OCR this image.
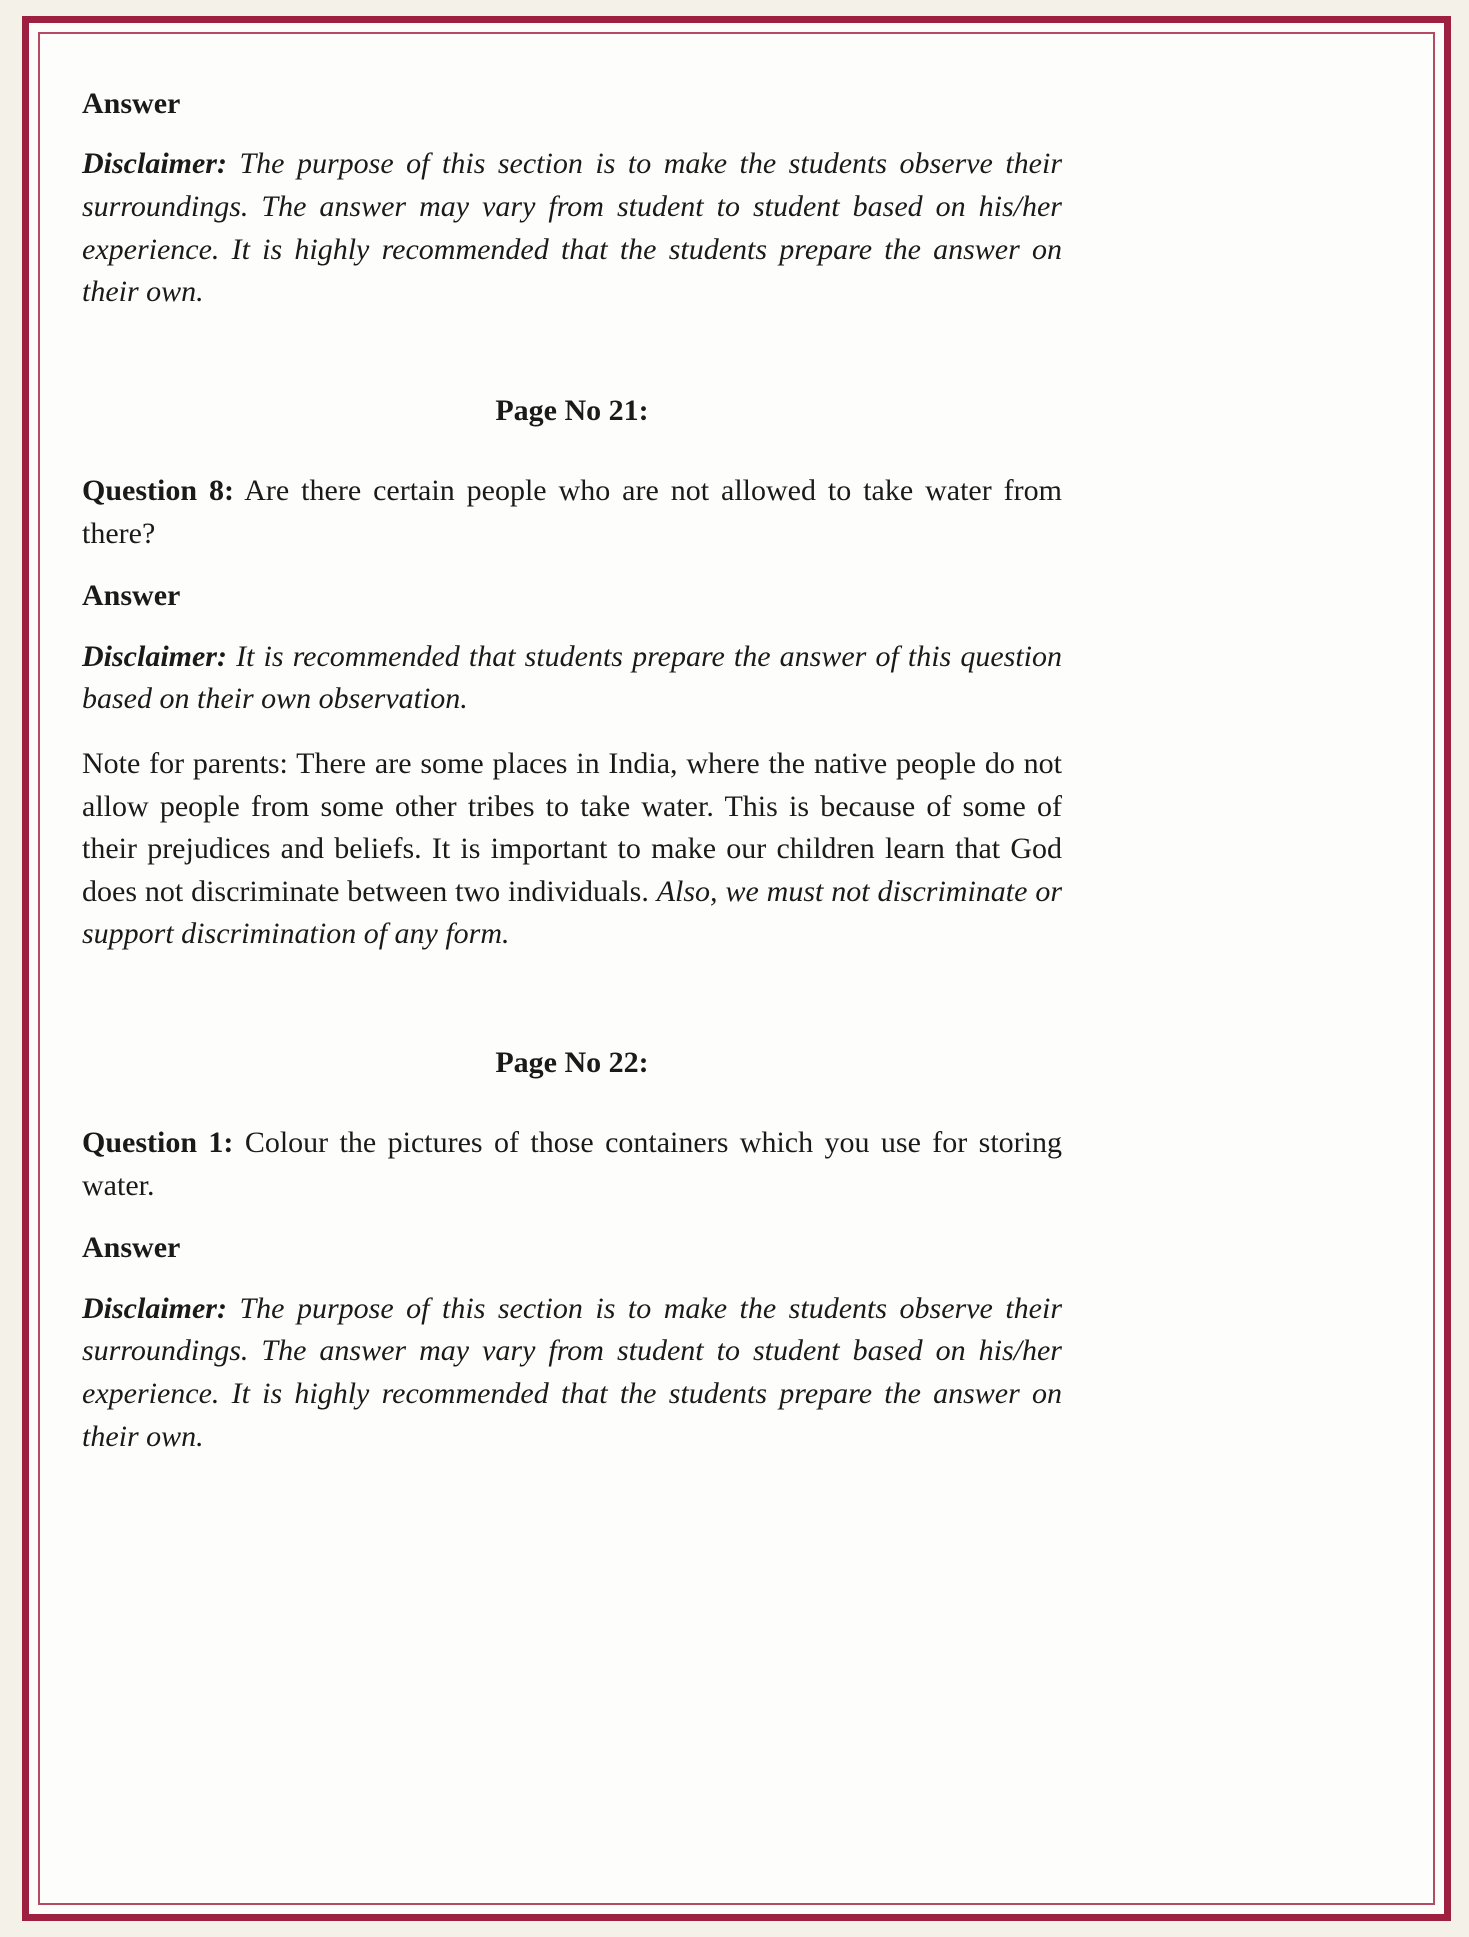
Answer

Disclaimer: The purpose of this section is to make the students observe their surroundings. The answer may vary from student to student based on his/her experience. It is highly recommended that the students prepare the answer on their own.

Page No 21:

Question 8: Are there certain people who are not allowed to take water from there?

Answer

Disclaimer: It is recommended that students prepare the answer of this question based on their own observation.

Note for parents: There are some places in India, where the native people do not allow people from some other tribes to take water. This is because of some of their prejudices and beliefs. It is important to make our children learn that God does not discriminate between two individuals. Also, we must not discriminate or support discrimination of any form.

Page No 22:

Question 1: Colour the pictures of those containers which you use for storing water.

Answer

Disclaimer: The purpose of this section is to make the students observe their surroundings. The answer may vary from student to student based on his/her experience. It is highly recommended that the students prepare the answer on their own.
